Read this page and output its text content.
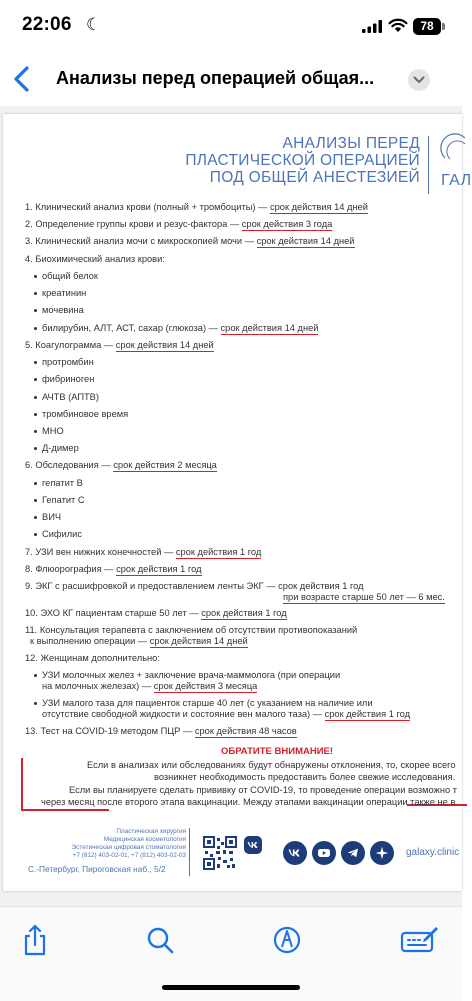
22:06 ☾	78
Анализы перед операцией общая...
АНАЛИЗЫ ПЕРЕД
ПЛАСТИЧЕСКОЙ ОПЕРАЦИЕЙ
ПОД ОБЩЕЙ АНЕСТЕЗИЕЙ ГАЛ
1. Клинический анализ крови (полный + тромбоциты) — срок действия 14 дней
2. Определение группы крови и резус-фактора — срок действия 3 года
3. Клинический анализ мочи с микроскопией мочи — срок действия 14 дней
4. Биохимический анализ крови:
общий белок
креатинин
мочевина
билирубин, АЛТ, АСТ, сахар (глюкоза) — срок действия 14 дней
5. Коагулограмма — срок действия 14 дней
протромбин
фибриноген
АЧТВ (АПТВ)
тромбиновое время
МНО
Д-димер
6. Обследования — срок действия 2 месяца
гепатит В
Гепатит С
ВИЧ
Сифилис
7. УЗИ вен нижних конечностей — срок действия 1 год
8. Флюорография — срок действия 1 год
9. ЭКГ с расшифровкой и предоставлением ленты ЭКГ — срок действия 1 год
при возрасте старше 50 лет — 6 мес.
10. ЭХО КГ пациентам старше 50 лет — срок действия 1 год
11. Консультация терапевта с заключением об отсутствии противопоказаний
к выполнению операции — срок действия 14 дней
12. Женщинам дополнительно:
УЗИ молочных желез + заключение врача-маммолога (при операции
на молочных железах) — срок действия 3 месяца
УЗИ малого таза для пациенток старше 40 лет (с указанием на наличие или
отсутствие свободной жидкости и состояние вен малого таза) — срок действия 1 год
13. Тест на COVID-19 методом ПЦР — срок действия 48 часов
ОБРАТИТЕ ВНИМАНИЕ!
Если в анализах или обследованиях будут обнаружены отклонения, то, скорее всего
возникнет необходимость предоставить более свежие исследования.
Если вы планируете сделать прививку от COVID-19, то проведение операции возможно т
через месяц после второго этапа вакцинации. Между этапами вакцинации операции также не в
Пластическая хирургия
Медицинская косметология
Эстетическая цифровая стоматология
+7 (812) 403-02-01, +7 (812) 403-02-03
С.-Петербург, Пироговская наб., 5/2
galaxy.clinic
